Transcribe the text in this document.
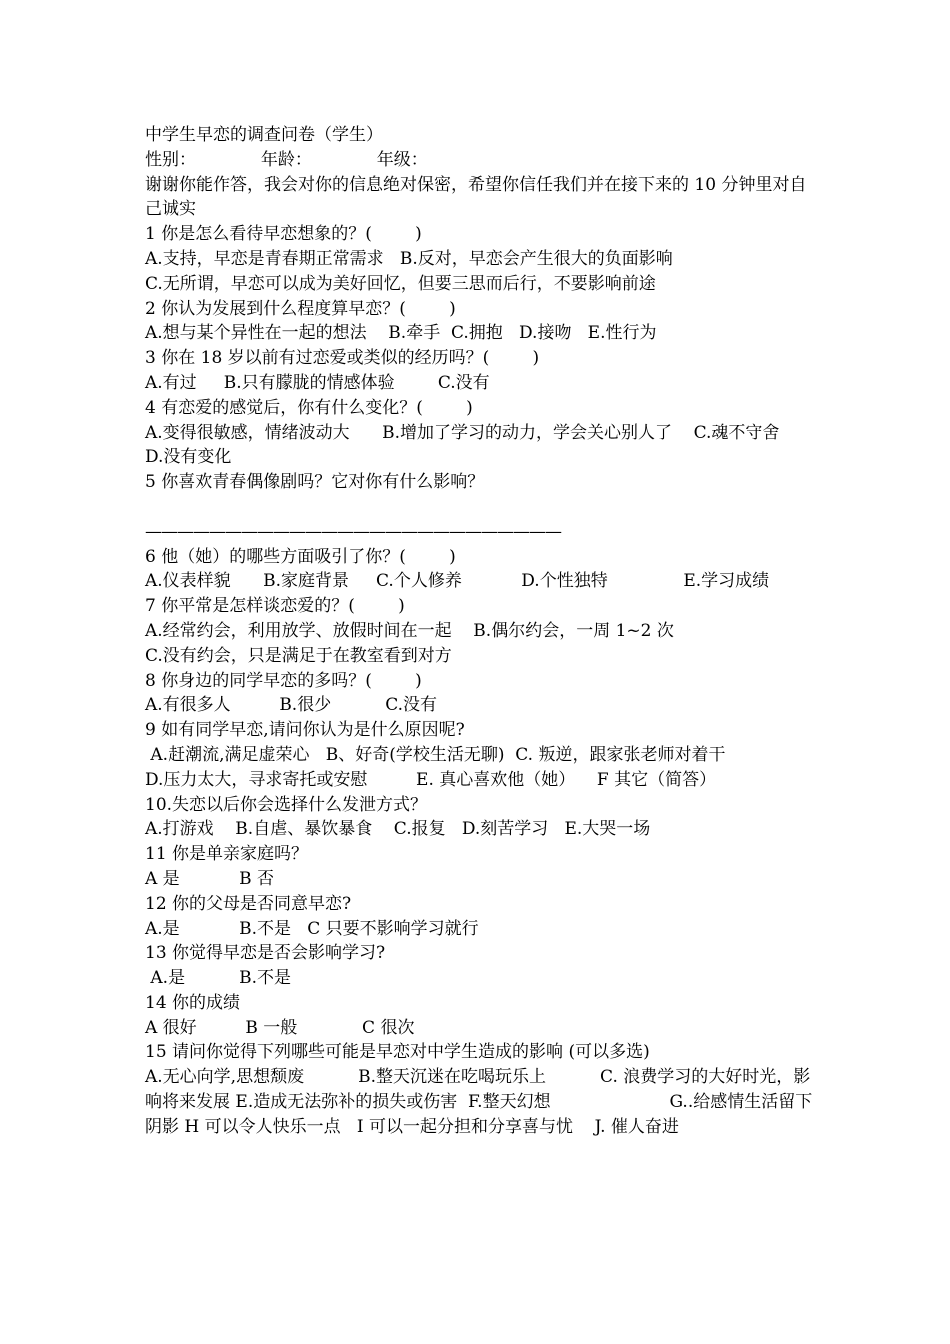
中学生早恋的调查问卷（学生）
性别：            年龄：            年级：
谢谢你能作答，我会对你的信息绝对保密，希望你信任我们并在接下来的 10 分钟里对自己诚实
1 你是怎么看待早恋想象的？(        )
A.支持，早恋是青春期正常需求   B.反对，早恋会产生很大的负面影响
C.无所谓，早恋可以成为美好回忆，但要三思而后行，不要影响前途
2 你认为发展到什么程度算早恋？(        )
A.想与某个异性在一起的想法    B.牵手  C.拥抱   D.接吻   E.性行为
3 你在 18 岁以前有过恋爱或类似的经历吗？(        )
A.有过     B.只有朦胧的情感体验        C.没有
4 有恋爱的感觉后，你有什么变化？(        )
A.变得很敏感，情绪波动大      B.增加了学习的动力，学会关心别人了    C.魂不守舍      D.没有变化
5 你喜欢青春偶像剧吗？它对你有什么影响？
——————————————————————————
6 他（她）的哪些方面吸引了你？(        )
A.仪表样貌      B.家庭背景     C.个人修养           D.个性独特              E.学习成绩
7 你平常是怎样谈恋爱的？(        )
A.经常约会，利用放学、放假时间在一起    B.偶尔约会，一周 1~2 次
C.没有约会，只是满足于在教室看到对方
8 你身边的同学早恋的多吗？(        )
A.有很多人         B.很少          C.没有
9 如有同学早恋,请问你认为是什么原因呢?
A.赶潮流,满足虚荣心   B、好奇(学校生活无聊)  C. 叛逆，跟家张老师对着干
D.压力太大，寻求寄托或安慰         E. 真心喜欢他（她）    F 其它（简答）
10.失恋以后你会选择什么发泄方式？
A.打游戏    B.自虐、暴饮暴食    C.报复   D.刻苦学习   E.大哭一场
11 你是单亲家庭吗？
A 是           B 否
12 你的父母是否同意早恋?
A.是           B.不是   C 只要不影响学习就行
13 你觉得早恋是否会影响学习?
A.是          B.不是
14 你的成绩
A 很好         B 一般            C 很次
15 请问你觉得下列哪些可能是早恋对中学生造成的影响 (可以多选)
A.无心向学,思想颓废          B.整天沉迷在吃喝玩乐上          C. 浪费学习的大好时光，影响将来发展 E.造成无法弥补的损失或伤害  F.整天幻想                      G..给感情生活留下阴影 H 可以令人快乐一点   I 可以一起分担和分享喜与忧    J. 催人奋进
